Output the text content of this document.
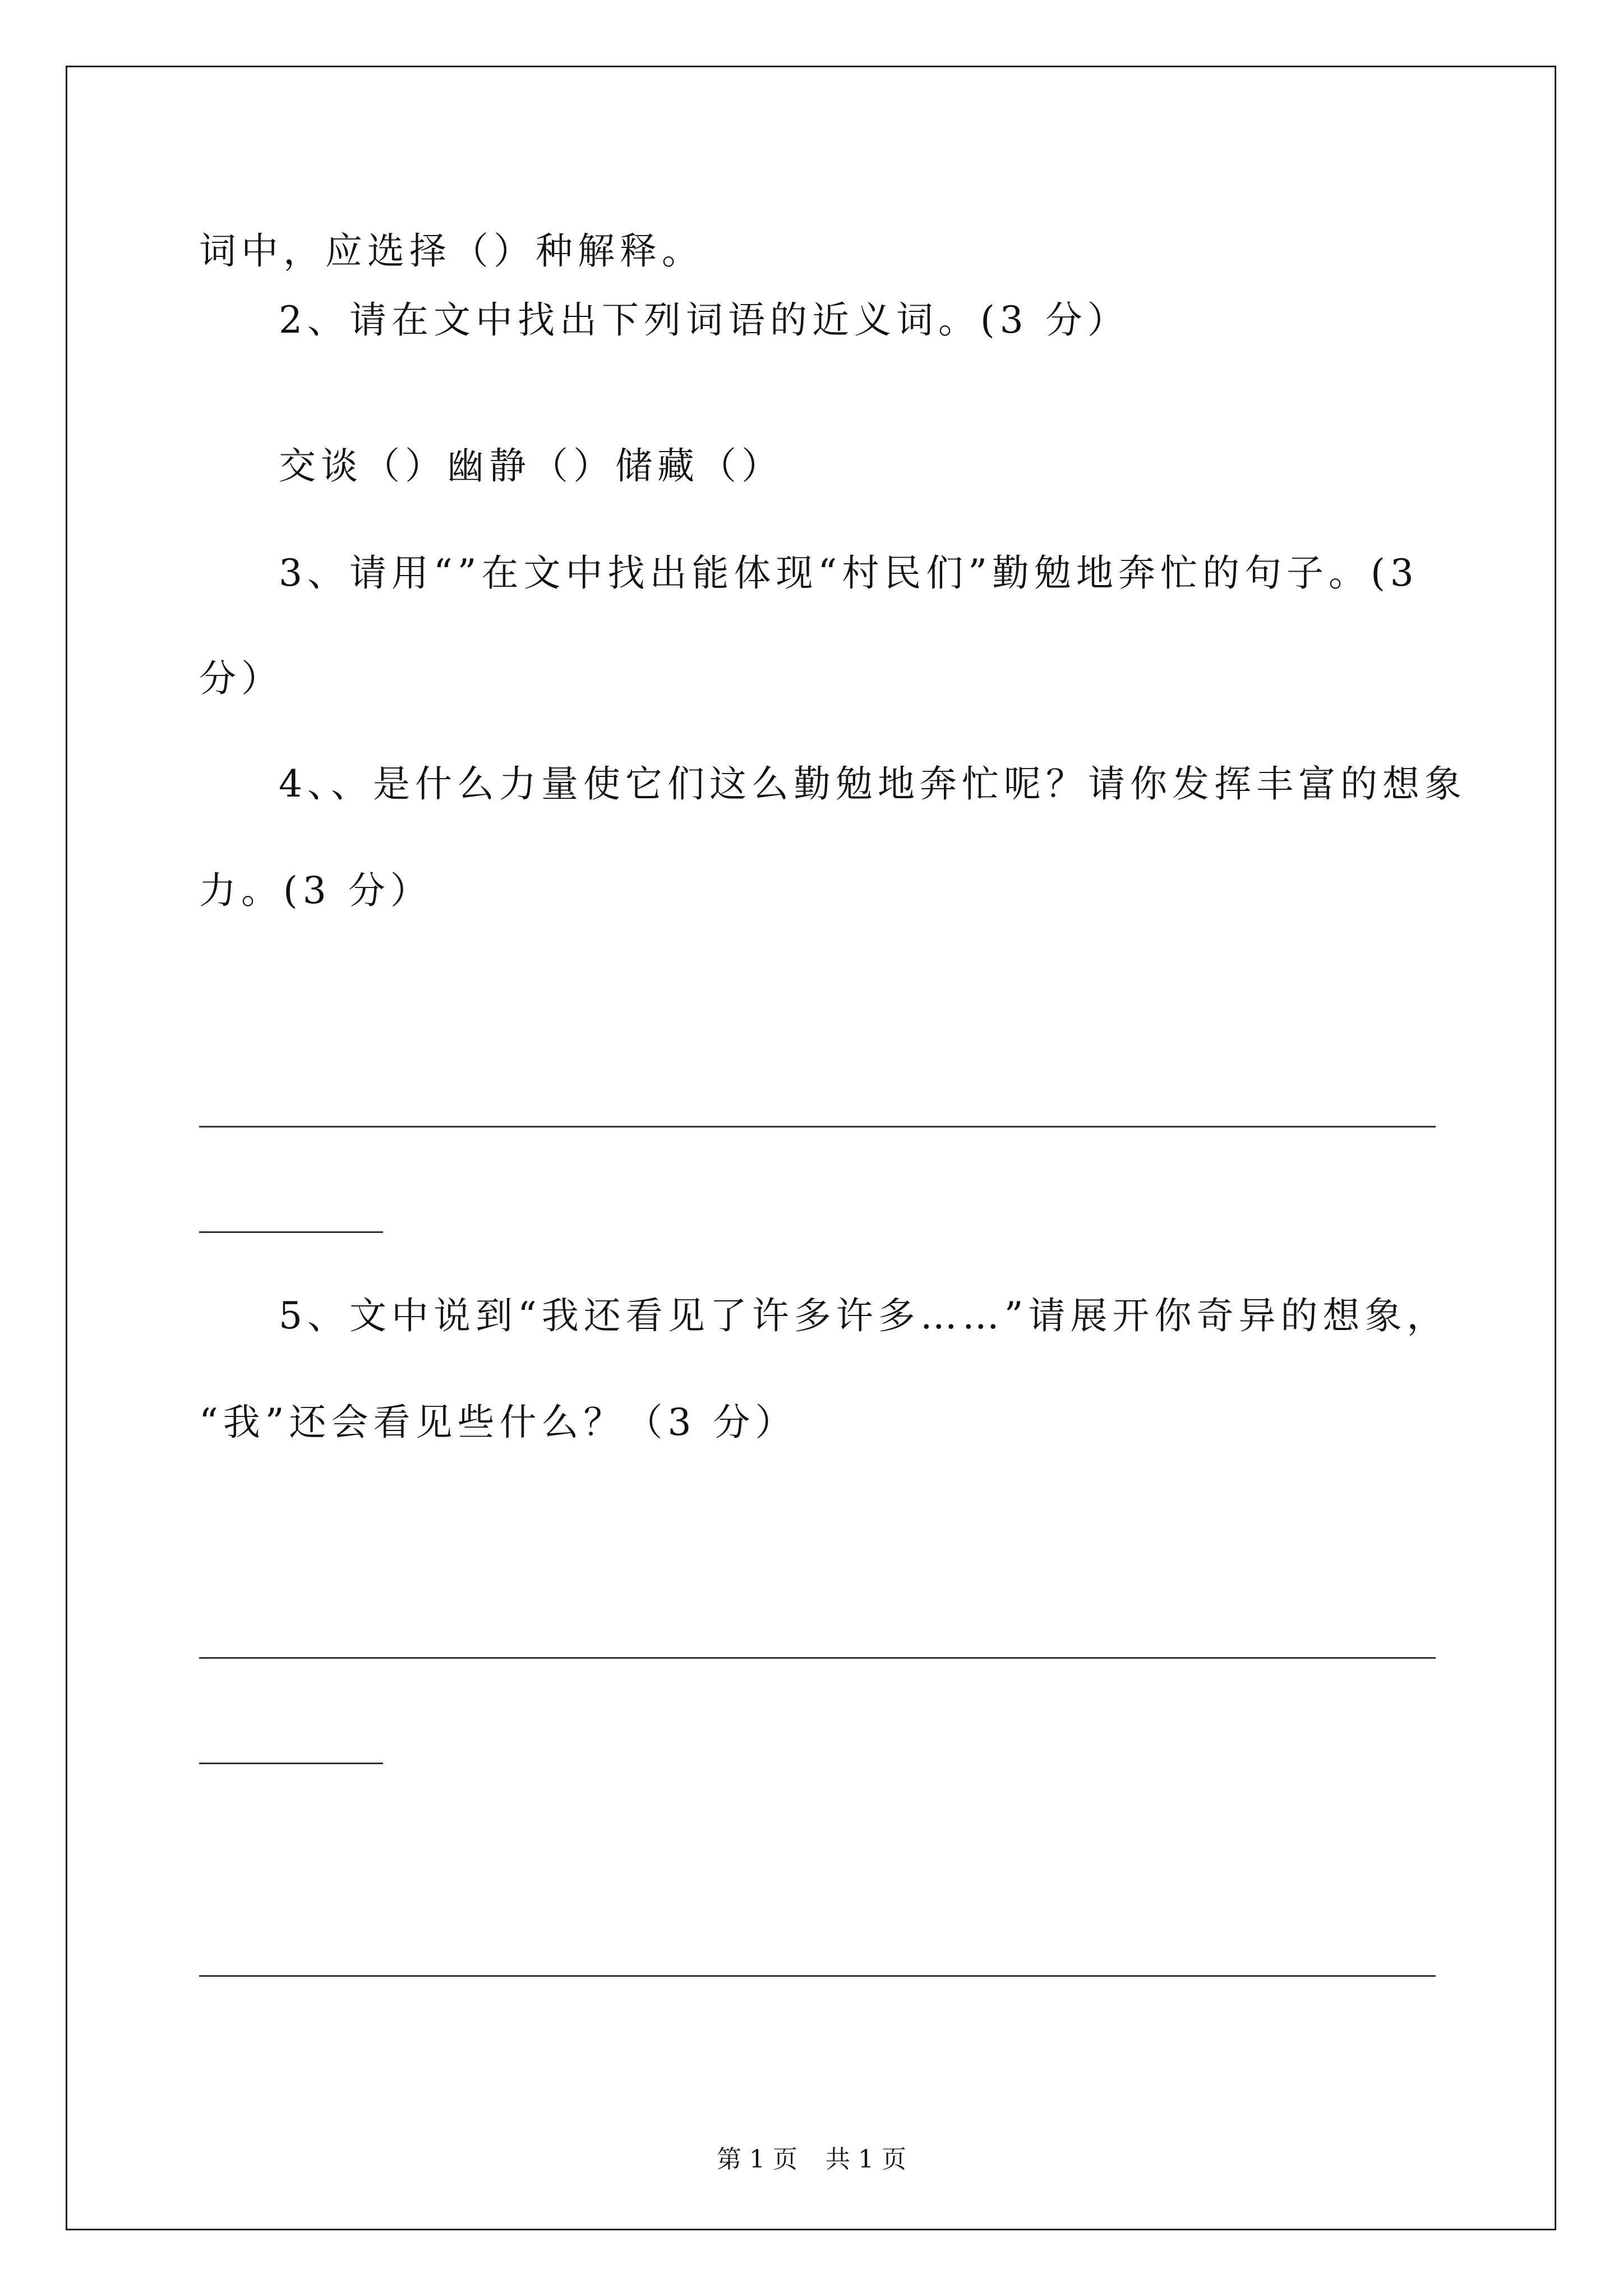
词中，应选择（）种解释。
2、请在文中找出下列词语的近义词。(3 分）
交谈（）幽静（）储藏（）
3、请用“”在文中找出能体现“村民们”勤勉地奔忙的句子。(3
分）
4、、是什么力量使它们这么勤勉地奔忙呢？请你发挥丰富的想象
力。(3 分）
5、文中说到“我还看见了许多许多……”请展开你奇异的想象，
“我”还会看见些什么？（3 分）
第 1 页 共 1 页
